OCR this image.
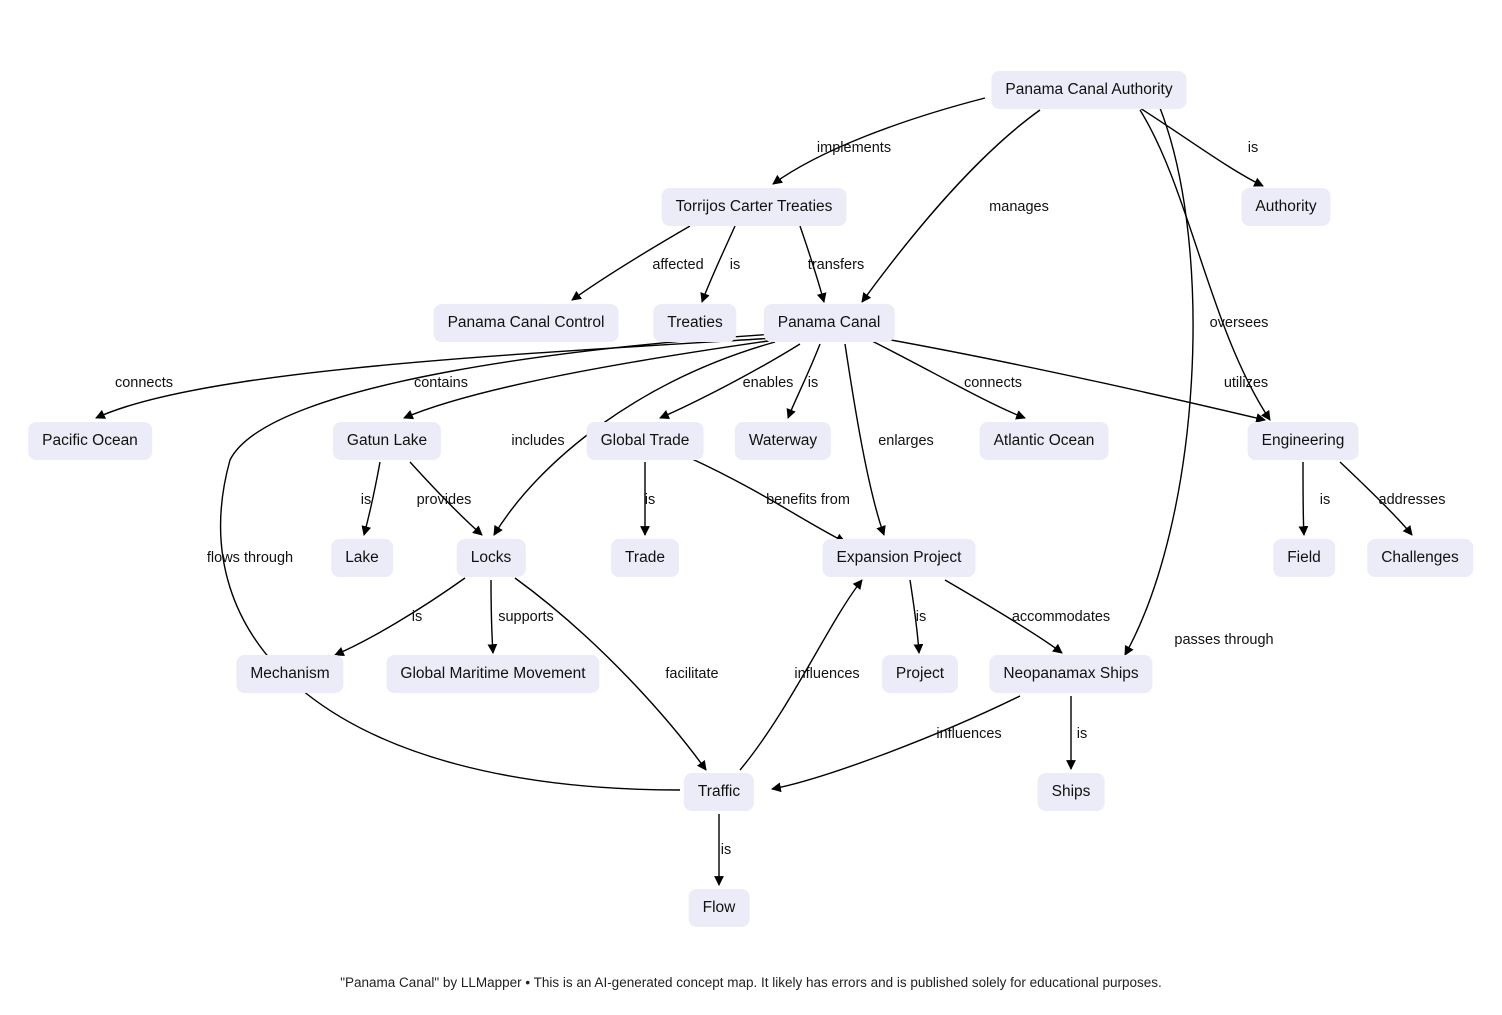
Panama Canal Authority
Authority
Torrijos Carter Treaties
Panama Canal Control	Treaties	Panama Canal
Pacific Ocean	Gatun Lake	Global Trade	Waterway	Atlantic Ocean	Engineering
Lake	Locks	Trade	Expansion Project	Field	Challenges
Mechanism	Global Maritime Movement	Project	Neopanamax Ships
Traffic	Ships
Flow
implements	is
manages
oversees
passes through
affected is	transfers
connects	contains
includes
enables is	connects	utilizes
enlarges
flows through
is	provides	is	benefits from	is	addresses
is	supports
facilitate
is	accommodates
influences
influences	is
is
"Panama Canal" by LLMapper • This is an AI-generated concept map. It likely has errors and is published solely for educational purposes.
